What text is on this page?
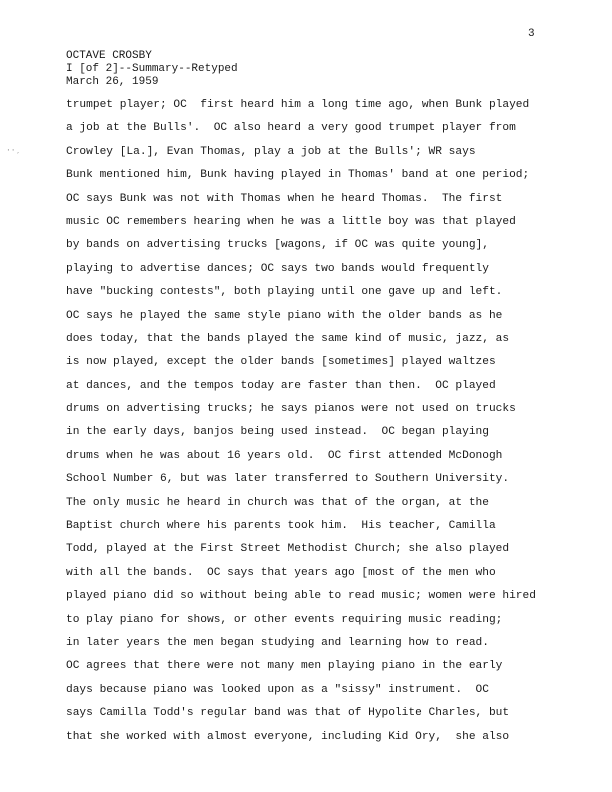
3
OCTAVE CROSBY
I [of 2]--Summary--Retyped
March 26, 1959
··ˏ
trumpet player; OC  first heard him a long time ago, when Bunk played
a job at the Bulls'.  OC also heard a very good trumpet player from
Crowley [La.], Evan Thomas, play a job at the Bulls'; WR says
Bunk mentioned him, Bunk having played in Thomas' band at one period;
OC says Bunk was not with Thomas when he heard Thomas.  The first
music OC remembers hearing when he was a little boy was that played
by bands on advertising trucks [wagons, if OC was quite young],
playing to advertise dances; OC says two bands would frequently
have "bucking contests", both playing until one gave up and left.
OC says he played the same style piano with the older bands as he
does today, that the bands played the same kind of music, jazz, as
is now played, except the older bands [sometimes] played waltzes
at dances, and the tempos today are faster than then.  OC played
drums on advertising trucks; he says pianos were not used on trucks
in the early days, banjos being used instead.  OC began playing
drums when he was about 16 years old.  OC first attended McDonogh
School Number 6, but was later transferred to Southern University.
The only music he heard in church was that of the organ, at the
Baptist church where his parents took him.  His teacher, Camilla
Todd, played at the First Street Methodist Church; she also played
with all the bands.  OC says that years ago [most of the men who
played piano did so without being able to read music; women were hired
to play piano for shows, or other events requiring music reading;
in later years the men began studying and learning how to read.
OC agrees that there were not many men playing piano in the early
days because piano was looked upon as a "sissy" instrument.  OC
says Camilla Todd's regular band was that of Hypolite Charles, but
that she worked with almost everyone, including Kid Ory,  she also
